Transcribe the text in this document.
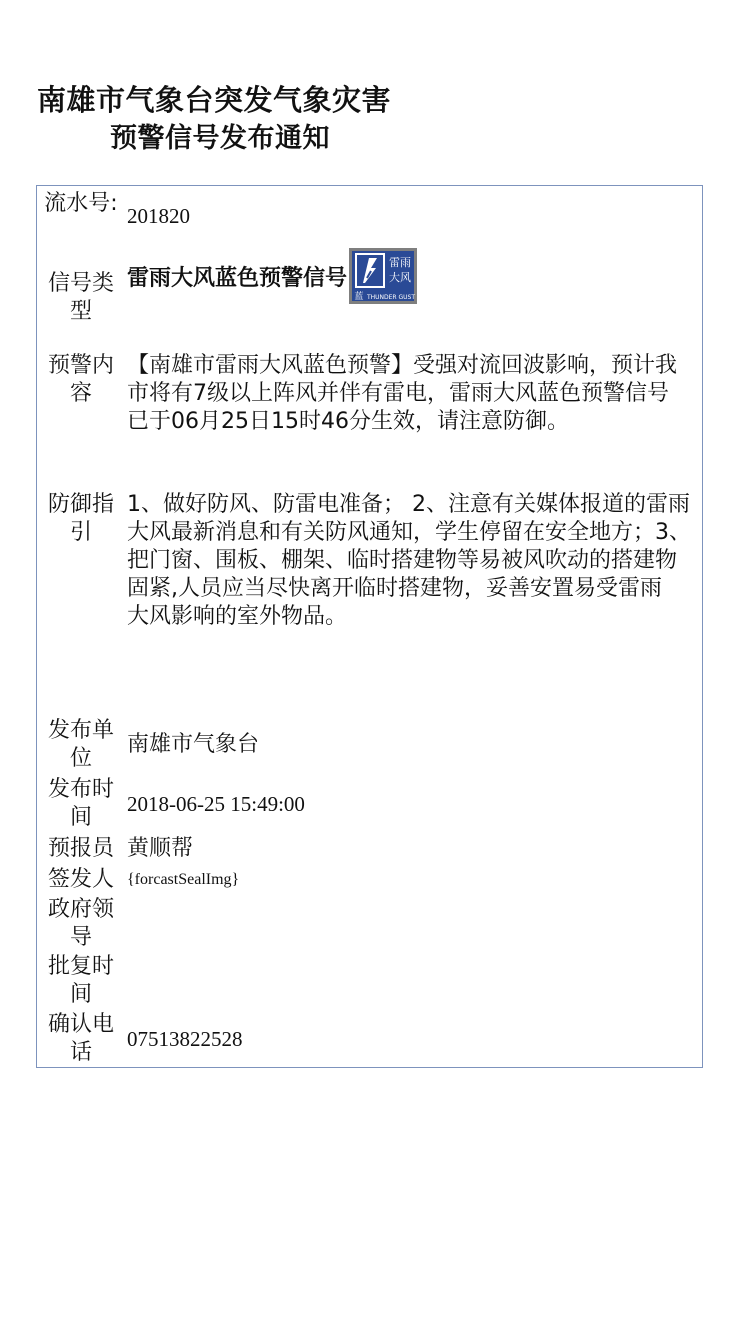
南雄市气象台突发气象灾害
预警信号发布通知
流水号: 201820
信号类型
雷雨大风蓝色预警信号
雷雨
大风
蓝 THUNDER GUST
预警内容
【南雄市雷雨大风蓝色预警】受强对流回波影响，预计我
市将有7级以上阵风并伴有雷电，雷雨大风蓝色预警信号
已于06月25日15时46分生效，请注意防御。
防御指引
1、做好防风、防雷电准备； 2、注意有关媒体报道的雷雨
大风最新消息和有关防风通知，学生停留在安全地方；3、
把门窗、围板、棚架、临时搭建物等易被风吹动的搭建物
固紧,人员应当尽快离开临时搭建物，妥善安置易受雷雨
大风影响的室外物品。
发布单位
南雄市气象台
发布时间
2018-06-25 15:49:00
预报员 黄顺帮
签发人 {forcastSealImg}
政府领导
批复时间
确认电话
07513822528
